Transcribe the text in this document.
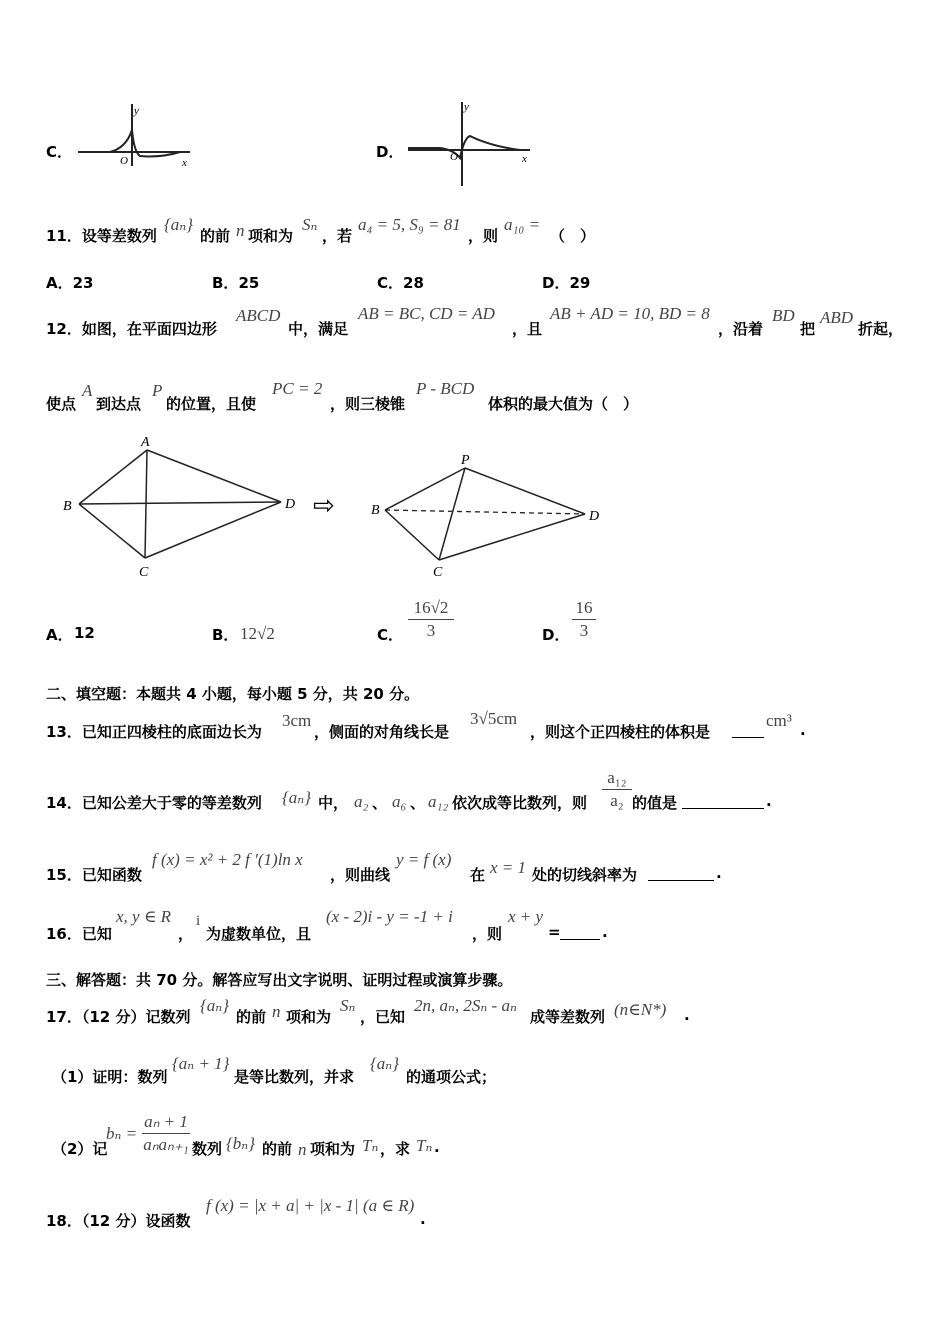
C．
y
x
O	D．
y
x
O
11．设等差数列
{aₙ}
的前 n 项和为
Sₙ
，若
a₄ = 5, S₉ = 81
，则
a₁₀ =
（　）
A．23	B．25	C．28	D．29
12．如图，在平面四边形
ABCD
中，满足
AB = BC, CD = AD
，且
AB + AD = 10, BD = 8
，沿着
BD
把
ABD
折起，
使点
A
到达点
P
的位置，且使
PC = 2
，则三棱锥
P - BCD
体积的最大值为（　）
A
B
C
D ⇨
P
B
C
D
A． 12	B． 12√2	C．
16√2
3	D．
16
3
二、填空题：本题共 4 小题，每小题 5 分，共 20 分。
13．已知正四棱柱的底面边长为
3cm
，侧面的对角线长是
3√5cm
，则这个正四棱柱的体积是
cm³ .
14．已知公差大于零的等差数列 {aₙ} 中， a₂ 、 a₆ 、 a₁₂ 依次成等比数列，则
a₁₂
a₂ 的值是	.
15．已知函数
f (x) = x² + 2 f ′(1)ln x
，则曲线
y = f (x)
在 x = 1 处的切线斜率为	.
16．已知
x, y ∈ R
，
i
为虚数单位，且
(x - 2)i - y = -1 + i
，则
x + y
=	.
三、解答题：共 70 分。解答应写出文字说明、证明过程或演算步骤。
17．（12 分）记数列
{aₙ}
的前 n 项和为
Sₙ
，已知
2n, aₙ, 2Sₙ - aₙ
成等差数列 (n∈N*) .
（1）证明：数列
{aₙ + 1}
是等比数列，并求
{aₙ}
的通项公式；
（2）记
bₙ =
aₙ + 1
aₙaₙ₊₁ 数列 {bₙ} 的前 n 项和为 Tₙ ，求 Tₙ .
18．（12 分）设函数
f (x) = |x + a| + |x - 1| (a ∈ R)
.
